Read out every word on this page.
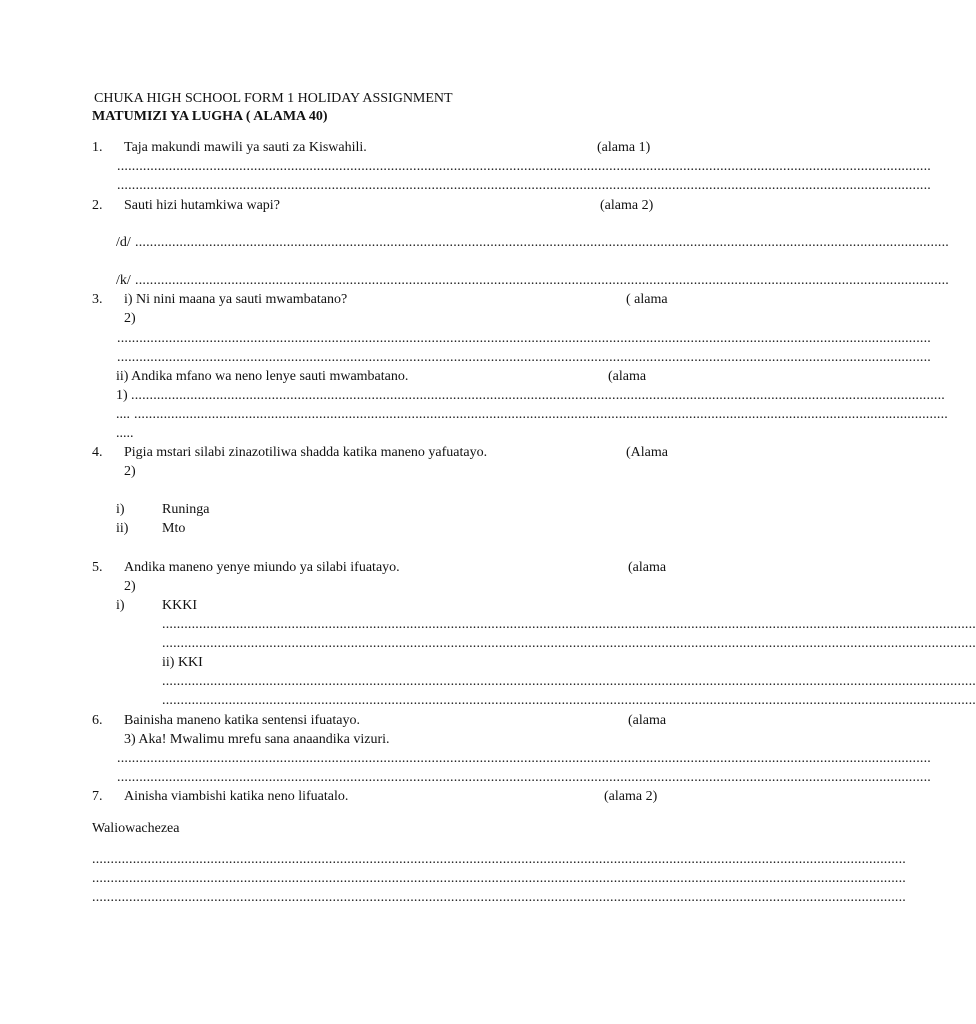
CHUKA HIGH SCHOOL FORM 1 HOLIDAY ASSIGNMENT
MATUMIZI YA LUGHA ( ALAMA 40)
1. Taja makundi mawili ya sauti za Kiswahili.	(alama 1)
............................................................................................................................................................................................................................
............................................................................................................................................................................................................................
2. Sauti hizi hutamkiwa wapi?	(alama 2)
/d/ ............................................................................................................................................................................................................................
/k/ ............................................................................................................................................................................................................................
3. i) Ni nini maana ya sauti mwambatano?	( alama
2)
............................................................................................................................................................................................................................
............................................................................................................................................................................................................................
ii) Andika mfano wa neno lenye sauti mwambatano.	(alama
1) ............................................................................................................................................................................................................................
.... ............................................................................................................................................................................................................................
.....
4. Pigia mstari silabi zinazotiliwa shadda katika maneno yafuatayo.	(Alama
2)
i)	Runinga
ii) Mto
5. Andika maneno yenye miundo ya silabi ifuatayo.	(alama
2)
i)	KKKI
............................................................................................................................................................................................................................
............................................................................................................................................................................................................................
ii) KKI
............................................................................................................................................................................................................................
............................................................................................................................................................................................................................
6. Bainisha maneno katika sentensi ifuatayo.	(alama
3) Aka! Mwalimu mrefu sana anaandika vizuri.
............................................................................................................................................................................................................................
............................................................................................................................................................................................................................
7. Ainisha viambishi katika neno lifuatalo.	(alama 2)
Waliowachezea
............................................................................................................................................................................................................................
............................................................................................................................................................................................................................
............................................................................................................................................................................................................................
